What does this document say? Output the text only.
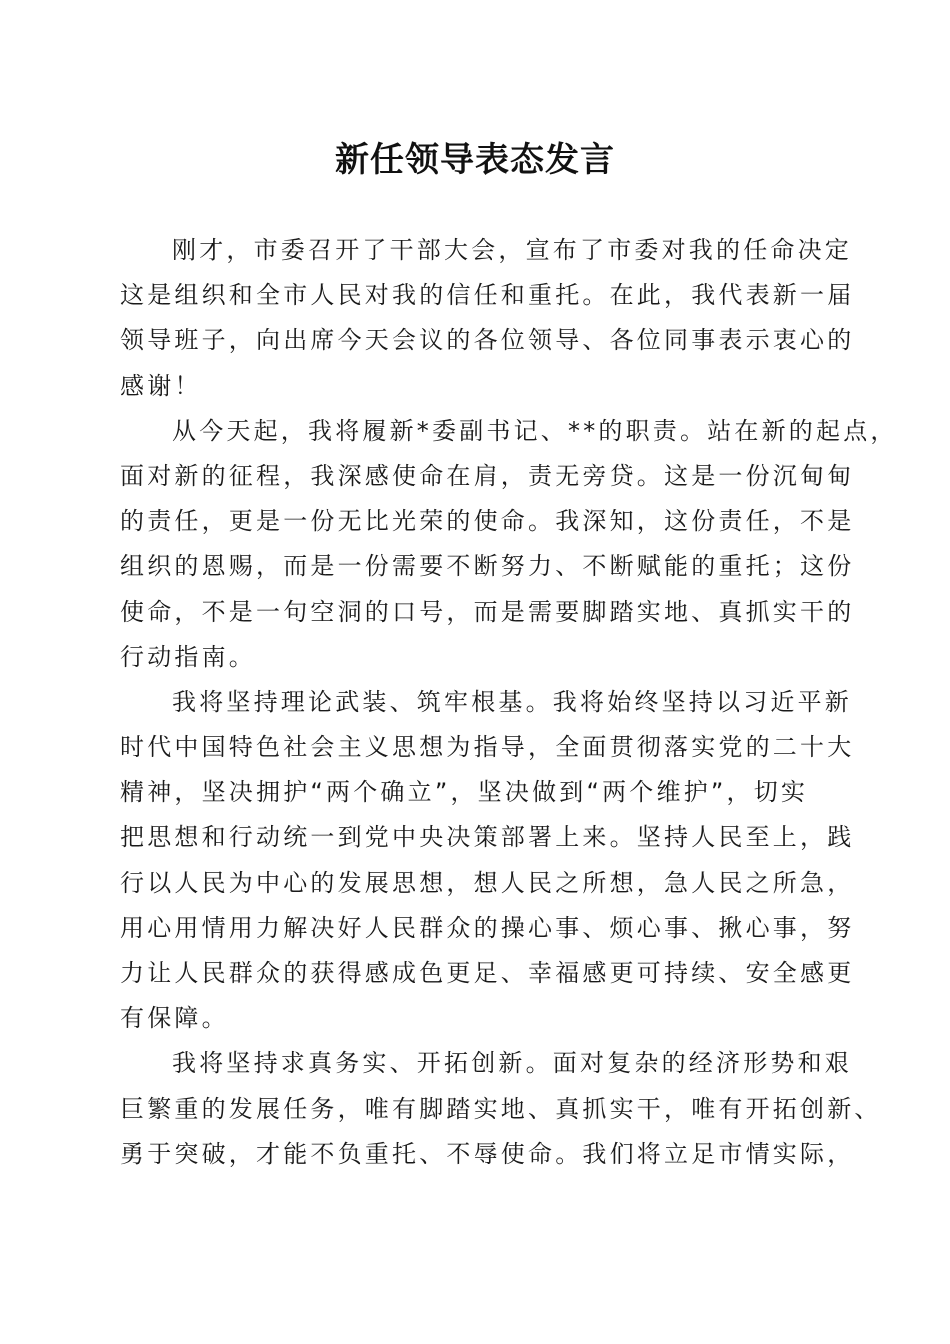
新任领导表态发言
刚才，市委召开了干部大会，宣布了市委对我的任命决定
这是组织和全市人民对我的信任和重托。在此，我代表新一届
领导班子，向出席今天会议的各位领导、各位同事表示衷心的
感谢！
从今天起，我将履新*委副书记、**的职责。站在新的起点，
面对新的征程，我深感使命在肩，责无旁贷。这是一份沉甸甸
的责任，更是一份无比光荣的使命。我深知，这份责任，不是
组织的恩赐，而是一份需要不断努力、不断赋能的重托；这份
使命，不是一句空洞的口号，而是需要脚踏实地、真抓实干的
行动指南。
我将坚持理论武装、筑牢根基。我将始终坚持以习近平新
时代中国特色社会主义思想为指导，全面贯彻落实党的二十大
精神，坚决拥护“两个确立”，坚决做到“两个维护”，切实
把思想和行动统一到党中央决策部署上来。坚持人民至上，践
行以人民为中心的发展思想，想人民之所想，急人民之所急，
用心用情用力解决好人民群众的操心事、烦心事、揪心事，努
力让人民群众的获得感成色更足、幸福感更可持续、安全感更
有保障。
我将坚持求真务实、开拓创新。面对复杂的经济形势和艰
巨繁重的发展任务，唯有脚踏实地、真抓实干，唯有开拓创新、
勇于突破，才能不负重托、不辱使命。我们将立足市情实际，
